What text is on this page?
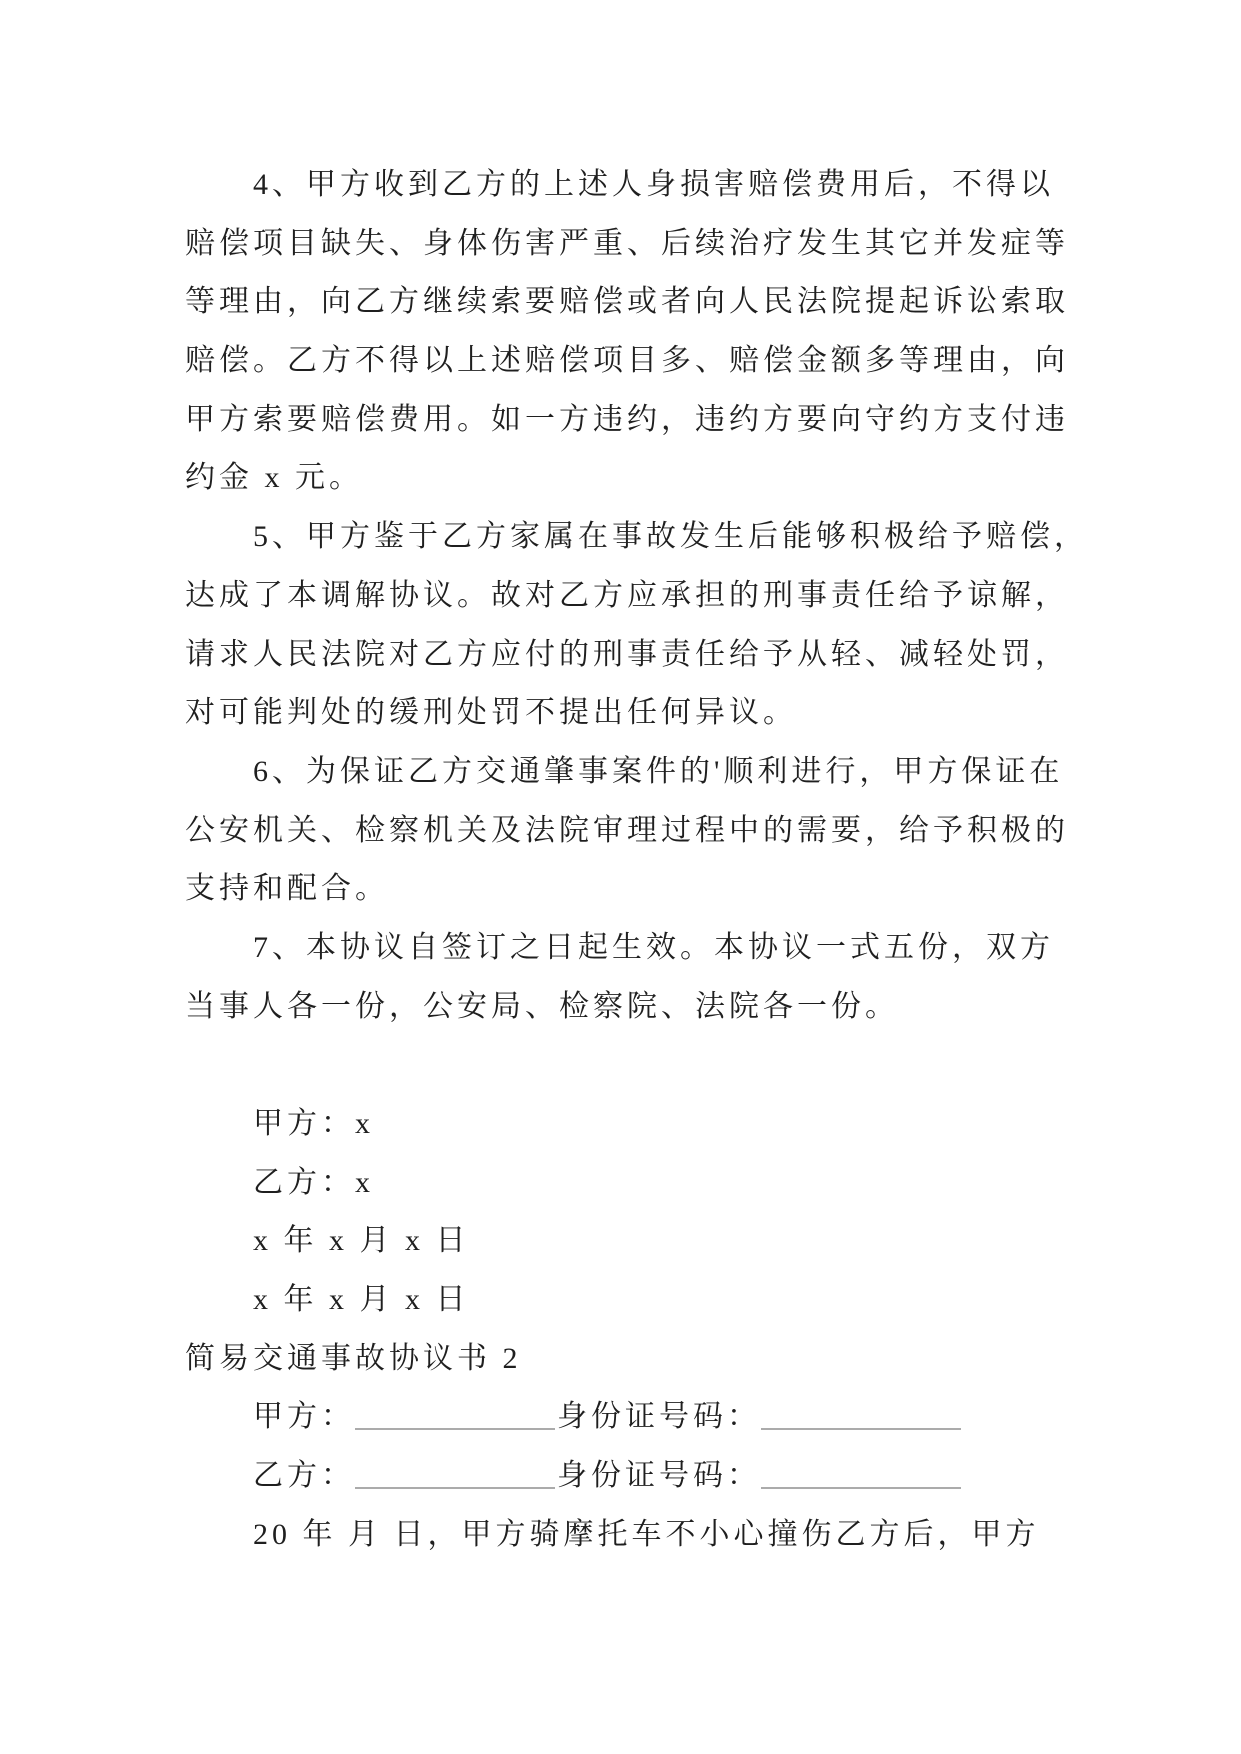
4、甲方收到乙方的上述人身损害赔偿费用后，不得以
赔偿项目缺失、身体伤害严重、后续治疗发生其它并发症等
等理由，向乙方继续索要赔偿或者向人民法院提起诉讼索取
赔偿。乙方不得以上述赔偿项目多、赔偿金额多等理由，向
甲方索要赔偿费用。如一方违约，违约方要向守约方支付违
约金 x 元。
5、甲方鉴于乙方家属在事故发生后能够积极给予赔偿，
达成了本调解协议。故对乙方应承担的刑事责任给予谅解，
请求人民法院对乙方应付的刑事责任给予从轻、减轻处罚，
对可能判处的缓刑处罚不提出任何异议。
6、为保证乙方交通肇事案件的'顺利进行，甲方保证在
公安机关、检察机关及法院审理过程中的需要，给予积极的
支持和配合。
7、本协议自签订之日起生效。本协议一式五份，双方
当事人各一份，公安局、检察院、法院各一份。
甲方：x
乙方：x
x 年 x 月 x 日
x 年 x 月 x 日
简易交通事故协议书 2
甲方：	身份证号码：
乙方：	身份证号码：
20 年 月 日，甲方骑摩托车不小心撞伤乙方后，甲方
